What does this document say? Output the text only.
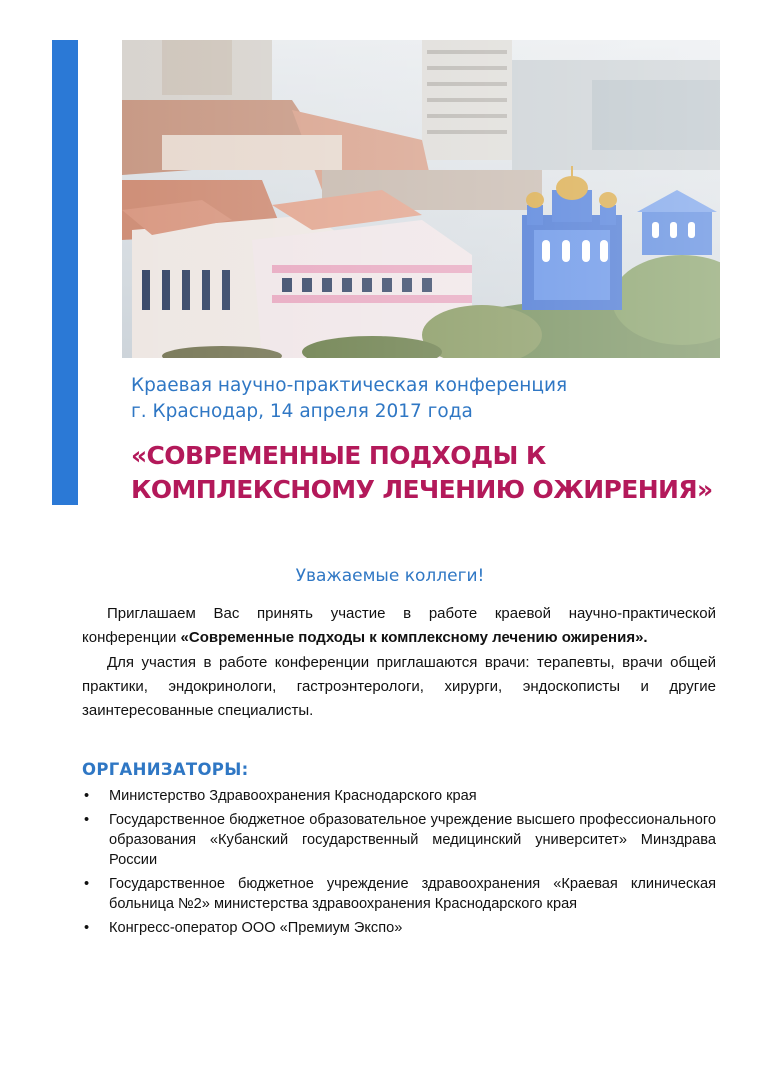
Краевая научно-практическая конференция
г. Краснодар, 14 апреля 2017 года
«СОВРЕМЕННЫЕ ПОДХОДЫ К
КОМПЛЕКСНОМУ ЛЕЧЕНИЮ ОЖИРЕНИЯ»
Уважаемые коллеги!

Приглашаем Вас принять участие в работе краевой научно-практической конференции «Современные подходы к комплексному лечению ожирения».

Для участия в работе конференции приглашаются врачи: терапевты, врачи общей практики, эндокринологи, гастроэнтерологи, хирурги, эндоскописты и другие заинтересованные специалисты.

ОРГАНИЗАТОРЫ:
• Министерство Здравоохранения Краснодарского края
• Государственное бюджетное образовательное учреждение высшего профессионального образования «Кубанский государственный медицинский университет» Минздрава России
• Государственное бюджетное учреждение здравоохранения «Краевая клиническая больница №2» министерства здравоохранения Краснодарского края
• Конгресс-оператор ООО «Премиум Экспо»
